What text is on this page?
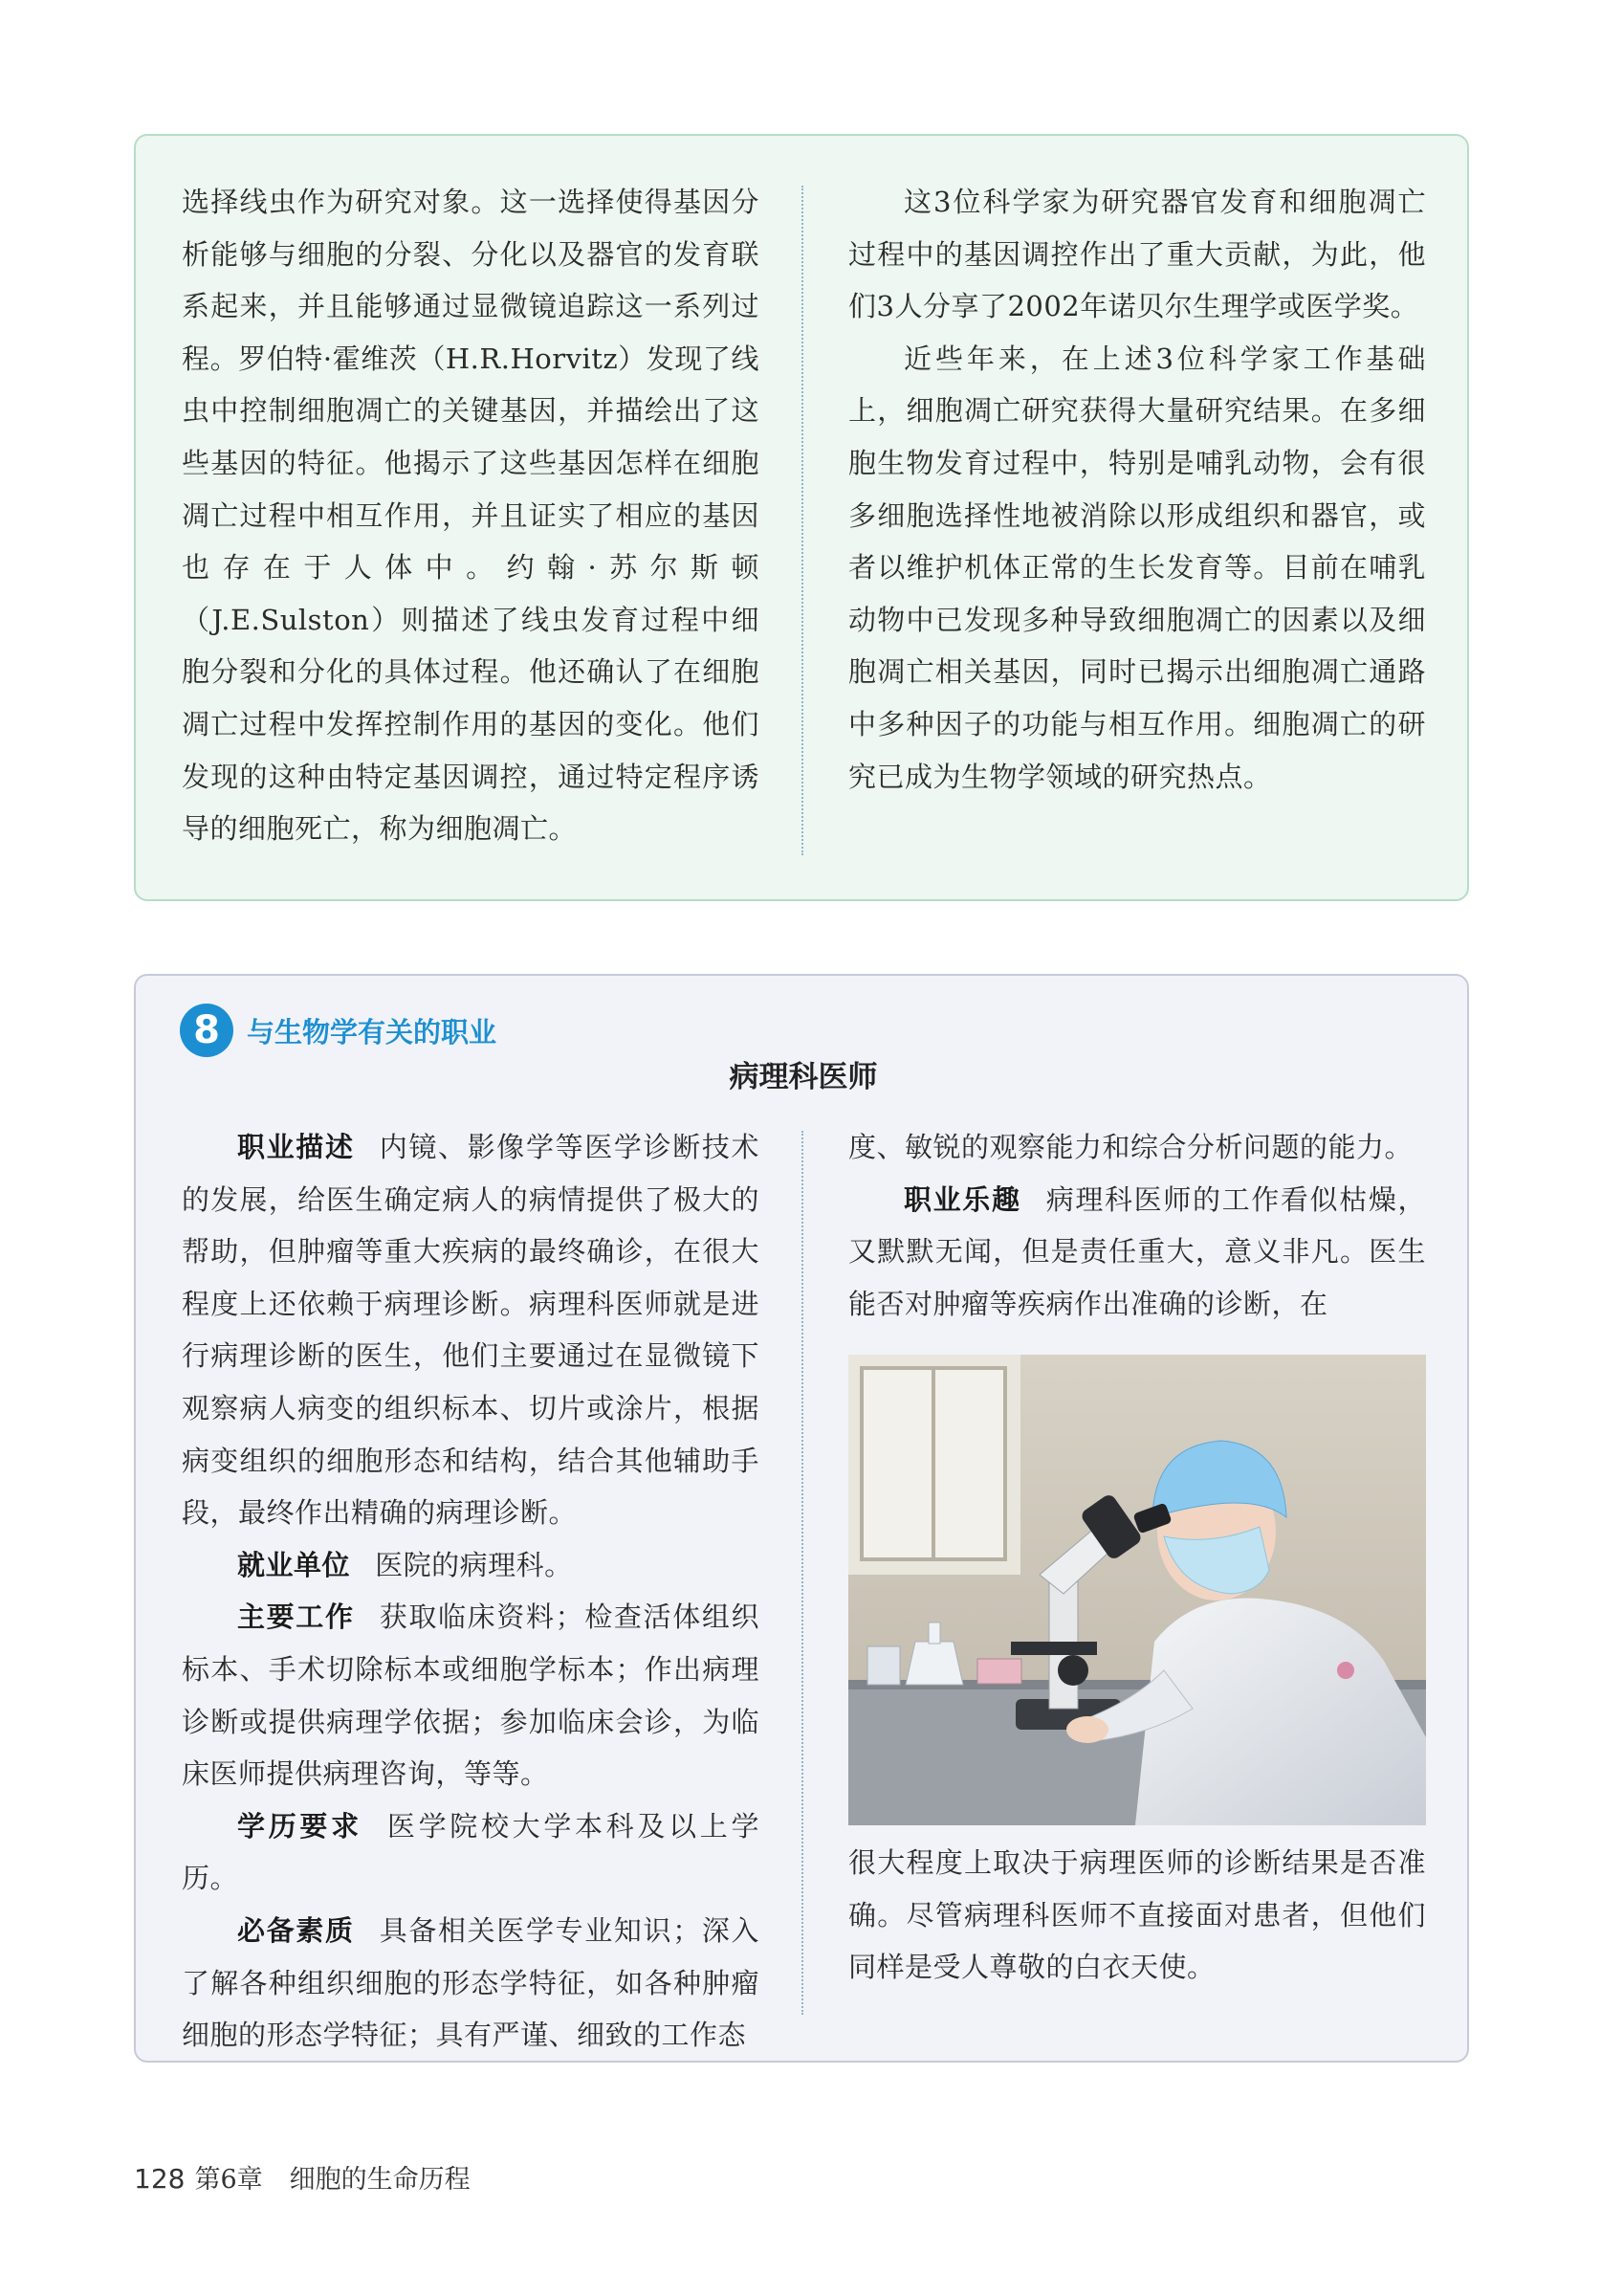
选择线虫作为研究对象。这一选择使得基因分析能够与细胞的分裂、分化以及器官的发育联系起来，并且能够通过显微镜追踪这一系列过程。罗伯特·霍维茨（H.R.Horvitz）发现了线虫中控制细胞凋亡的关键基因，并描绘出了这些基因的特征。他揭示了这些基因怎样在细胞凋亡过程中相互作用，并且证实了相应的基因也存在于人体中。约翰·苏尔斯顿（J.E.Sulston）则描述了线虫发育过程中细胞分裂和分化的具体过程。他还确认了在细胞凋亡过程中发挥控制作用的基因的变化。他们发现的这种由特定基因调控，通过特定程序诱导的细胞死亡，称为细胞凋亡。

这3位科学家为研究器官发育和细胞凋亡过程中的基因调控作出了重大贡献，为此，他们3人分享了2002年诺贝尔生理学或医学奖。

近些年来，在上述3位科学家工作基础上，细胞凋亡研究获得大量研究结果。在多细胞生物发育过程中，特别是哺乳动物，会有很多细胞选择性地被消除以形成组织和器官，或者以维护机体正常的生长发育等。目前在哺乳动物中已发现多种导致细胞凋亡的因素以及细胞凋亡相关基因，同时已揭示出细胞凋亡通路中多种因子的功能与相互作用。细胞凋亡的研究已成为生物学领域的研究热点。

8 与生物学有关的职业
病理科医师

职业描述 内镜、影像学等医学诊断技术的发展，给医生确定病人的病情提供了极大的帮助，但肿瘤等重大疾病的最终确诊，在很大程度上还依赖于病理诊断。病理科医师就是进行病理诊断的医生，他们主要通过在显微镜下观察病人病变的组织标本、切片或涂片，根据病变组织的细胞形态和结构，结合其他辅助手段，最终作出精确的病理诊断。

就业单位 医院的病理科。

主要工作 获取临床资料；检查活体组织标本、手术切除标本或细胞学标本；作出病理诊断或提供病理学依据；参加临床会诊，为临床医师提供病理咨询，等等。

学历要求 医学院校大学本科及以上学历。

必备素质 具备相关医学专业知识；深入了解各种组织细胞的形态学特征，如各种肿瘤细胞的形态学特征；具有严谨、细致的工作态

度、敏锐的观察能力和综合分析问题的能力。

职业乐趣 病理科医师的工作看似枯燥，又默默无闻，但是责任重大，意义非凡。医生能否对肿瘤等疾病作出准确的诊断，在

很大程度上取决于病理医师的诊断结果是否准确。尽管病理科医师不直接面对患者，但他们同样是受人尊敬的白衣天使。

128 第6章 细胞的生命历程
